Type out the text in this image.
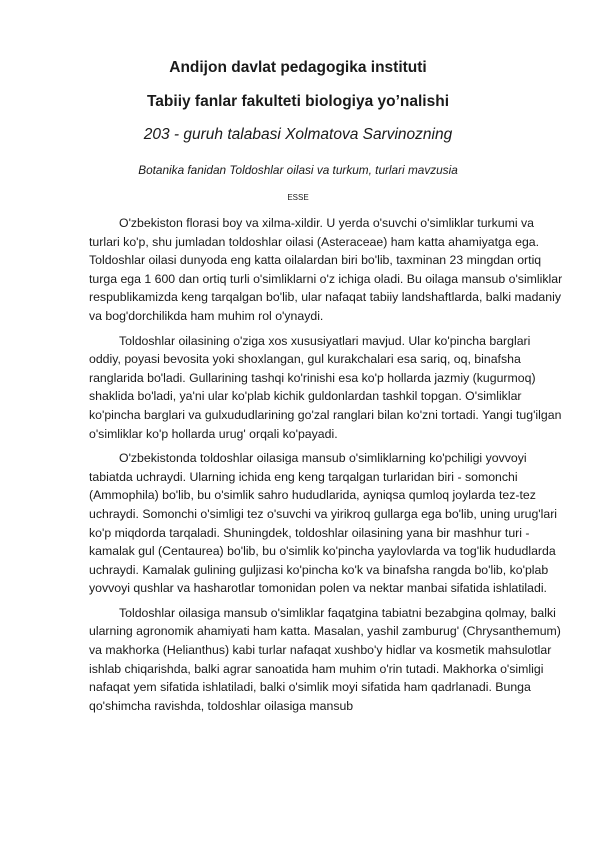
Andijon davlat pedagogika instituti

Tabiiy fanlar fakulteti biologiya yo’nalishi

203 - guruh talabasi Xolmatova Sarvinozning

Botanika fanidan Toldoshlar oilasi va turkum, turlari mavzusia

ESSE

O'zbekiston florasi boy va xilma-xildir. U yerda o'suvchi o'simliklar turkumi va turlari ko'p, shu jumladan toldoshlar oilasi (Asteraceae) ham katta ahamiyatga ega. Toldoshlar oilasi dunyoda eng katta oilalardan biri bo'lib, taxminan 23 mingdan ortiq turga ega 1 600 dan ortiq turli o'simliklarni o'z ichiga oladi. Bu oilaga mansub o'simliklar respublikamizda keng tarqalgan bo'lib, ular nafaqat tabiiy landshaftlarda, balki madaniy va bog'dorchilikda ham muhim rol o'ynaydi.

Toldoshlar oilasining o'ziga xos xususiyatlari mavjud. Ular ko'pincha barglari oddiy, poyasi bevosita yoki shoxlangan, gul kurakchalari esa sariq, oq, binafsha ranglarida bo'ladi. Gullarining tashqi ko'rinishi esa ko'p hollarda jazmiy (kugurmoq) shaklida bo'ladi, ya'ni ular ko'plab kichik guldonlardan tashkil topgan. O'simliklar ko'pincha barglari va gulxududlarining go'zal ranglari bilan ko'zni tortadi. Yangi tug'ilgan o'simliklar ko'p hollarda urug' orqali ko'payadi.

O'zbekistonda toldoshlar oilasiga mansub o'simliklarning ko'pchiligi yovvoyi tabiatda uchraydi. Ularning ichida eng keng tarqalgan turlaridan biri - somonchi (Ammophila) bo'lib, bu o'simlik sahro hududlarida, ayniqsa qumloq joylarda tez-tez uchraydi. Somonchi o'simligi tez o'suvchi va yirikroq gullarga ega bo'lib, uning urug'lari ko'p miqdorda tarqaladi. Shuningdek, toldoshlar oilasining yana bir mashhur turi - kamalak gul (Centaurea) bo'lib, bu o'simlik ko'pincha yaylovlarda va tog'lik hududlarda uchraydi. Kamalak gulining guljizasi ko'pincha ko'k va binafsha rangda bo'lib, ko'plab yovvoyi qushlar va hasharotlar tomonidan polen va nektar manbai sifatida ishlatiladi.

Toldoshlar oilasiga mansub o'simliklar faqatgina tabiatni bezabgina qolmay, balki ularning agronomik ahamiyati ham katta. Masalan, yashil zamburug' (Chrysanthemum) va makhorka (Helianthus) kabi turlar nafaqat xushbo'y hidlar va kosmetik mahsulotlar ishlab chiqarishda, balki agrar sanoatida ham muhim o'rin tutadi. Makhorka o'simligi nafaqat yem sifatida ishlatiladi, balki o'simlik moyi sifatida ham qadrlanadi. Bunga qo'shimcha ravishda, toldoshlar oilasiga mansub
